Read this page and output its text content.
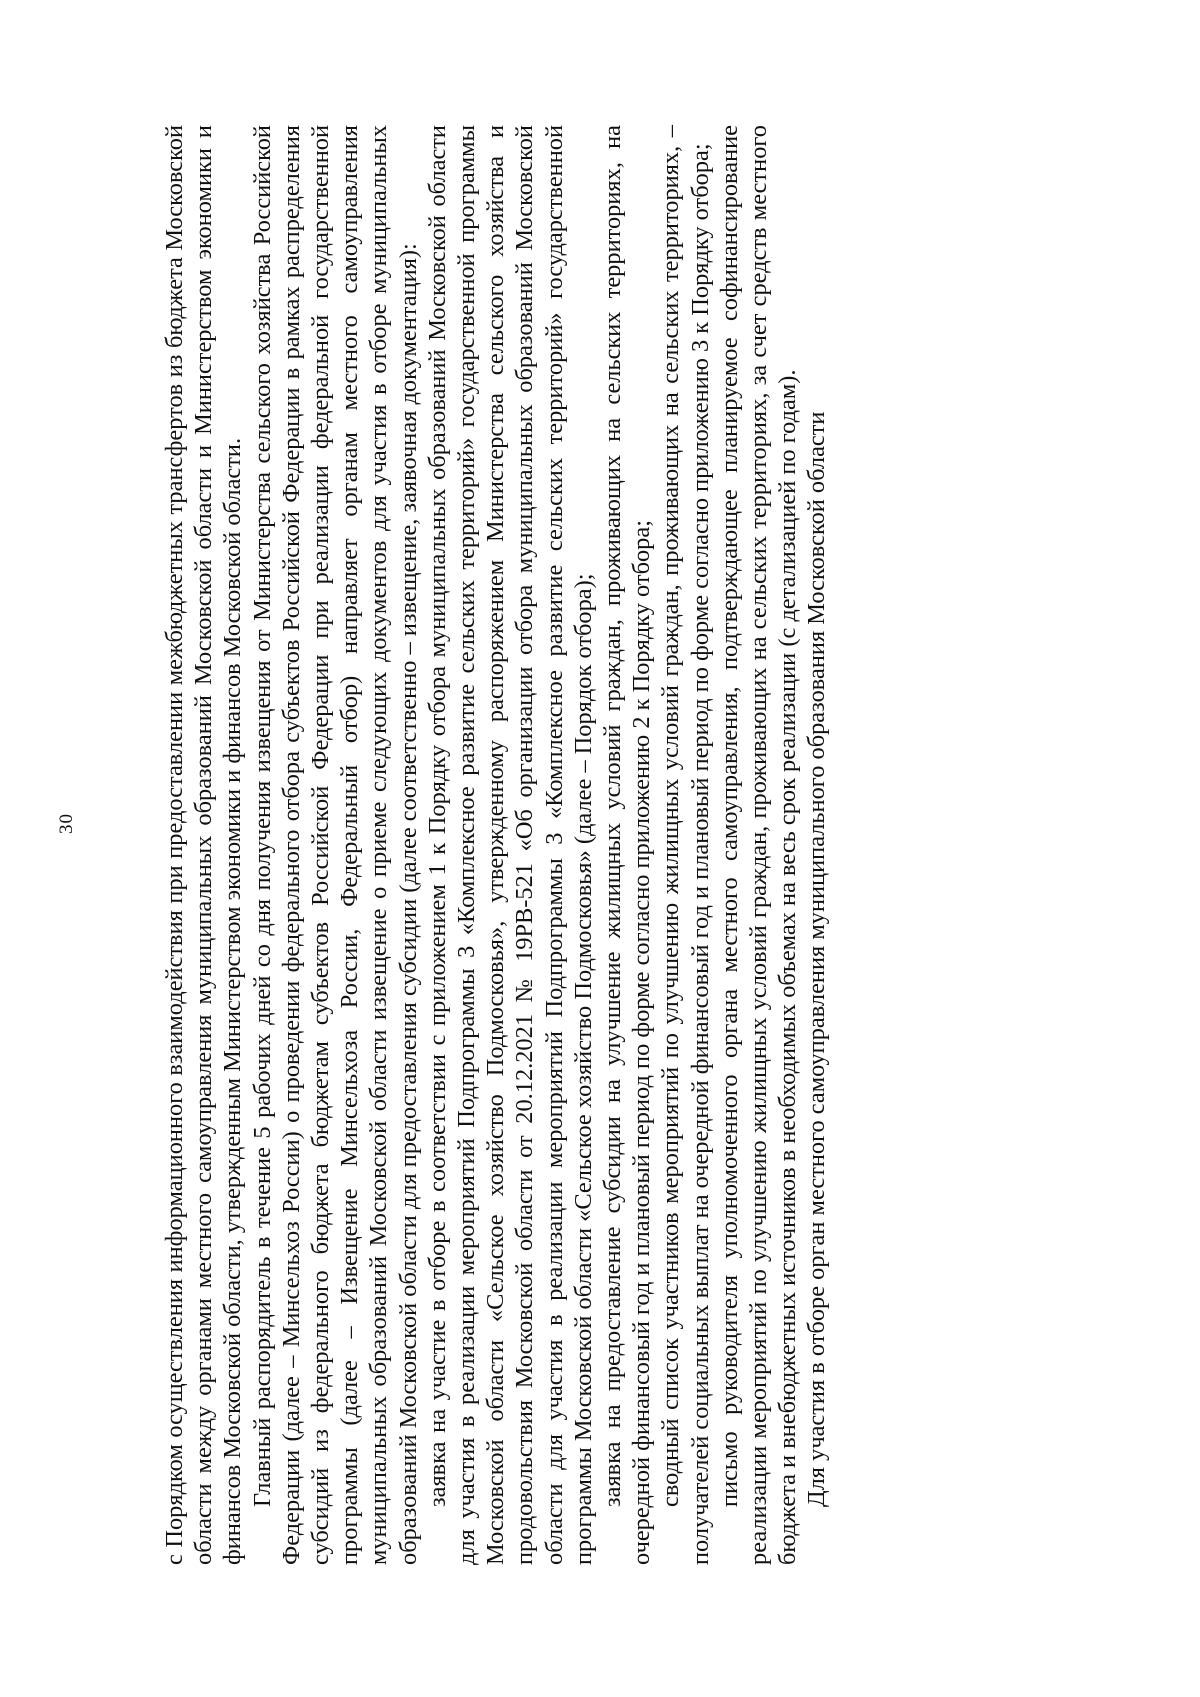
30	с Порядком осуществления информационного взаимодействия при предоставлении межбюджетных трансфертов из бюджета Московской области между органами местного самоуправления муниципальных образований Московской области и Министерством экономики и финансов Московской области, утвержденным Министерством экономики и финансов Московской области. Главный распорядитель в течение 5 рабочих дней со дня получения извещения от Министерства сельского хозяйства Российской Федерации (далее – Минсельхоз России) о проведении федерального отбора субъектов Российской Федерации в рамках распределения субсидий из федерального бюджета бюджетам субъектов Российской Федерации при реализации федеральной государственной программы (далее – Извещение Минсельхоза России, Федеральный отбор) направляет органам местного самоуправления муниципальных образований Московской области извещение о приеме следующих документов для участия в отборе муниципальных образований Московской области для предоставления субсидии (далее соответственно – извещение, заявочная документация): заявка на участие в отборе в соответствии с приложением 1 к Порядку отбора муниципальных образований Московской области для участия в реализации мероприятий Подпрограммы 3 «Комплексное развитие сельских территорий» государственной программы Московской области «Сельское хозяйство Подмосковья», утвержденному распоряжением Министерства сельского хозяйства и продовольствия Московской области от 20.12.2021 № 19РВ-521 «Об организации отбора муниципальных образований Московской области для участия в реализации мероприятий Подпрограммы 3 «Комплексное развитие сельских территорий» государственной программы Московской области «Сельское хозяйство Подмосковья» (далее – Порядок отбора); заявка на предоставление субсидии на улучшение жилищных условий граждан, проживающих на сельских территориях, на очередной финансовый год и плановый период по форме согласно приложению 2 к Порядку отбора; сводный список участников мероприятий по улучшению жилищных условий граждан, проживающих на сельских территориях, – получателей социальных выплат на очередной финансовый год и плановый период по форме согласно приложению 3 к Порядку отбора; письмо руководителя уполномоченного органа местного самоуправления, подтверждающее планируемое софинансирование реализации мероприятий по улучшению жилищных условий граждан, проживающих на сельских территориях, за счет средств местного бюджета и внебюджетных источников в необходимых объемах на весь срок реализации (с детализацией по годам). Для участия в отборе орган местного самоуправления муниципального образования Московской области
